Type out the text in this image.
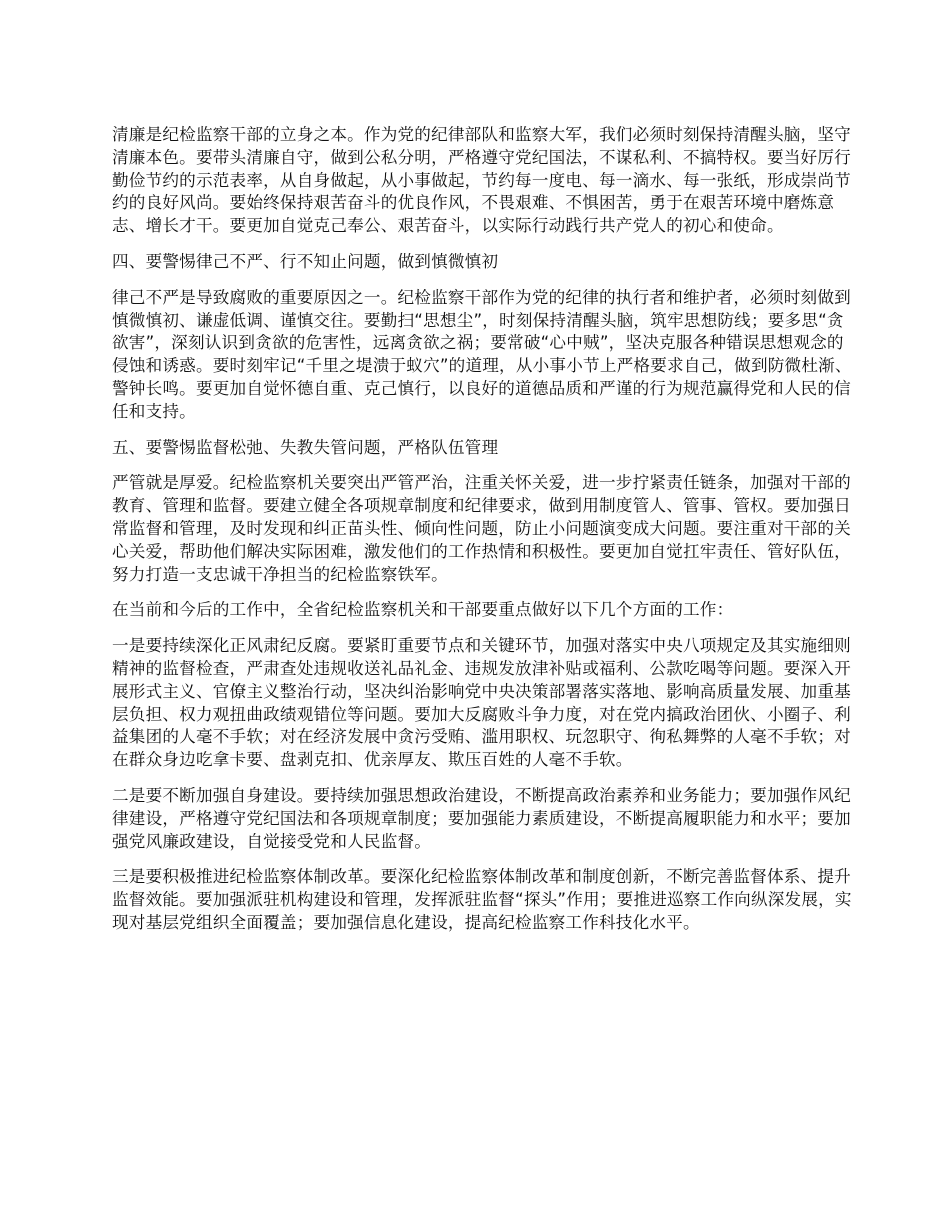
清廉是纪检监察干部的立身之本。作为党的纪律部队和监察大军，我们必须时刻保持清醒头脑，坚守清廉本色。要带头清廉自守，做到公私分明，严格遵守党纪国法，不谋私利、不搞特权。要当好厉行勤俭节约的示范表率，从自身做起，从小事做起，节约每一度电、每一滴水、每一张纸，形成崇尚节约的良好风尚。要始终保持艰苦奋斗的优良作风，不畏艰难、不惧困苦，勇于在艰苦环境中磨炼意志、增长才干。要更加自觉克己奉公、艰苦奋斗，以实际行动践行共产党人的初心和使命。

四、要警惕律己不严、行不知止问题，做到慎微慎初

律己不严是导致腐败的重要原因之一。纪检监察干部作为党的纪律的执行者和维护者，必须时刻做到慎微慎初、谦虚低调、谨慎交往。要勤扫“思想尘”，时刻保持清醒头脑，筑牢思想防线；要多思“贪欲害”，深刻认识到贪欲的危害性，远离贪欲之祸；要常破“心中贼”，坚决克服各种错误思想观念的侵蚀和诱惑。要时刻牢记“千里之堤溃于蚁穴”的道理，从小事小节上严格要求自己，做到防微杜渐、警钟长鸣。要更加自觉怀德自重、克己慎行，以良好的道德品质和严谨的行为规范赢得党和人民的信任和支持。

五、要警惕监督松弛、失教失管问题，严格队伍管理

严管就是厚爱。纪检监察机关要突出严管严治，注重关怀关爱，进一步拧紧责任链条，加强对干部的教育、管理和监督。要建立健全各项规章制度和纪律要求，做到用制度管人、管事、管权。要加强日常监督和管理，及时发现和纠正苗头性、倾向性问题，防止小问题演变成大问题。要注重对干部的关心关爱，帮助他们解决实际困难，激发他们的工作热情和积极性。要更加自觉扛牢责任、管好队伍，努力打造一支忠诚干净担当的纪检监察铁军。

在当前和今后的工作中，全省纪检监察机关和干部要重点做好以下几个方面的工作：

一是要持续深化正风肃纪反腐。要紧盯重要节点和关键环节，加强对落实中央八项规定及其实施细则精神的监督检查，严肃查处违规收送礼品礼金、违规发放津补贴或福利、公款吃喝等问题。要深入开展形式主义、官僚主义整治行动，坚决纠治影响党中央决策部署落实落地、影响高质量发展、加重基层负担、权力观扭曲政绩观错位等问题。要加大反腐败斗争力度，对在党内搞政治团伙、小圈子、利益集团的人毫不手软；对在经济发展中贪污受贿、滥用职权、玩忽职守、徇私舞弊的人毫不手软；对在群众身边吃拿卡要、盘剥克扣、优亲厚友、欺压百姓的人毫不手软。

二是要不断加强自身建设。要持续加强思想政治建设，不断提高政治素养和业务能力；要加强作风纪律建设，严格遵守党纪国法和各项规章制度；要加强能力素质建设，不断提高履职能力和水平；要加强党风廉政建设，自觉接受党和人民监督。

三是要积极推进纪检监察体制改革。要深化纪检监察体制改革和制度创新，不断完善监督体系、提升监督效能。要加强派驻机构建设和管理，发挥派驻监督“探头”作用；要推进巡察工作向纵深发展，实现对基层党组织全面覆盖；要加强信息化建设，提高纪检监察工作科技化水平。
